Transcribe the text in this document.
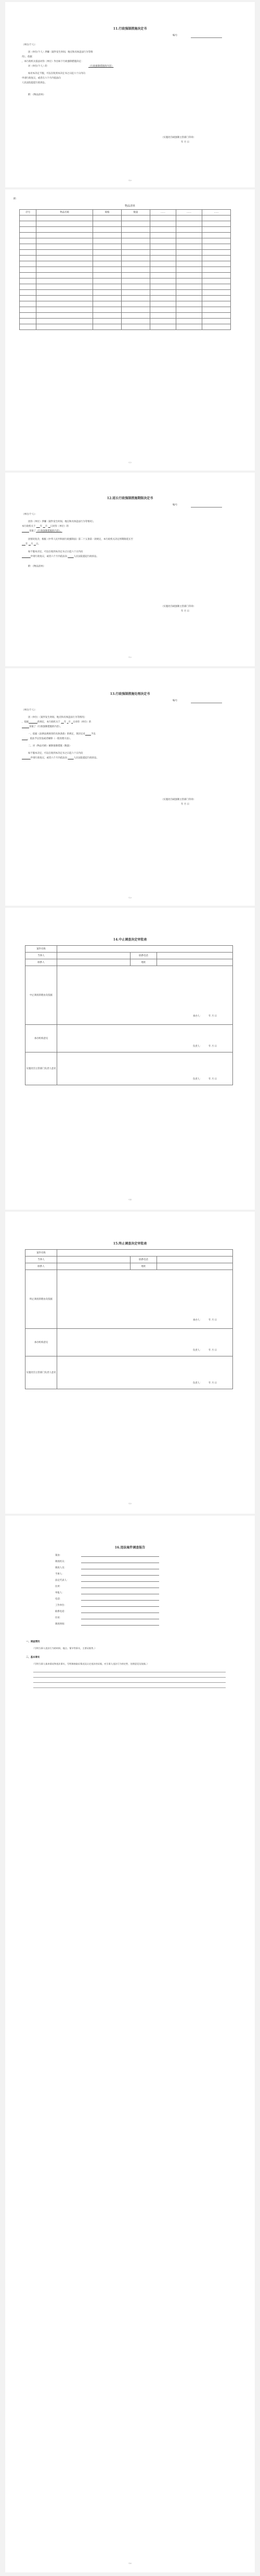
11.行政强制措施决定书
编号：
（单位/个人）：
因（单位/个人）涉嫌（案件发生时间、地点和具体违法行为等情
况），依据
，本行政机关依法对你（单位）作出如下行政强制措施决定：
对（单位/个人）的	（行政强制措施的内容）
如对本决定不服，可以在收到本决定书之日起六十日内向
申请行政复议，或者在六个月内依法向
人民法院提起行政诉讼。
附：《物品清单》
（实施处罚或强制主管部门印章）
年 月 日
-10-
附：
物品清单
序号	物品名称	规格	数量	……	……	……

-11-
12.延长行政强制措施期限决定书
编号：
（单位/个人）：
因你（单位）涉嫌（案件发生时间、地点和具体违法行为等情况），
本行政机关于 年 月 日对你（单位）的
采取了（行政强制措施的内容）。
因情况复杂，根据《中华人民共和国行政强制法》第二十五条第一款规定，本行政机关决定将期限延长至
年 月 日。
如不服本决定，可以在收到本决定书之日起六十日内向
申请行政复议，或者六个月内依法向	人民法院提起行政诉讼。
附：《物品清单》
（实施处罚或强制主管部门印章）
年 月 日
-12-
13.行政强制措施处理决定书
编号：
（单位/个人）：
因（单位）（案件发生时间、地点和具体违法行为等情况）
，依据	的规定，本行政机关于 年 月 日对你（单位）的
采取了（行政强制措施的内容）。
一、依据（法律法规规章的具体条款）的规定，现决定对	予以
，依法予以罚没或者解除（一般处理方法）。
二、对（物品名称）解除强制措施（数量）
如不服本决定，可以在收到本决定书之日起六十日内向
申请行政复议，或者六个月内依法向	人民法院提起行政诉讼。
（实施处罚或强制主管部门印章）
年 月 日
-13-
14.中止调查决定审批表
案件名称			
当事人		联系电话	
联系人		地址	
中止调查的理由及依据	承办人： 年 月 日		

承办机构意见	负责人： 年 月 日		

实施处罚主管部门负责人意见	负责人： 年 月 日		
-14-
15.终止调查决定审批表
案件名称			
当事人		联系电话	
联系人		地址	
终止调查的理由及依据	承办人： 年 月 日		

承办机构意见	负责人： 年 月 日		

实施处罚主管部门负责人意见	负责人： 年 月 日		
-15-
16.违法案件调查报告
案由：
调查机关：
调查人员：
当事人：
法定代表人：
住所：
举报人：
电话：
工作单位：
联系电话：
住址：
调查时间：
一、调查情况
（写明当事人违法行为的时间、地点、情节等事实，主要证据等。）
二、基本事实
（写明当事人基本情况和违法事实，写明调查取证情况及认定违法的证据，对当事人违法行为的定性、处理意见及依据。）
-16-
